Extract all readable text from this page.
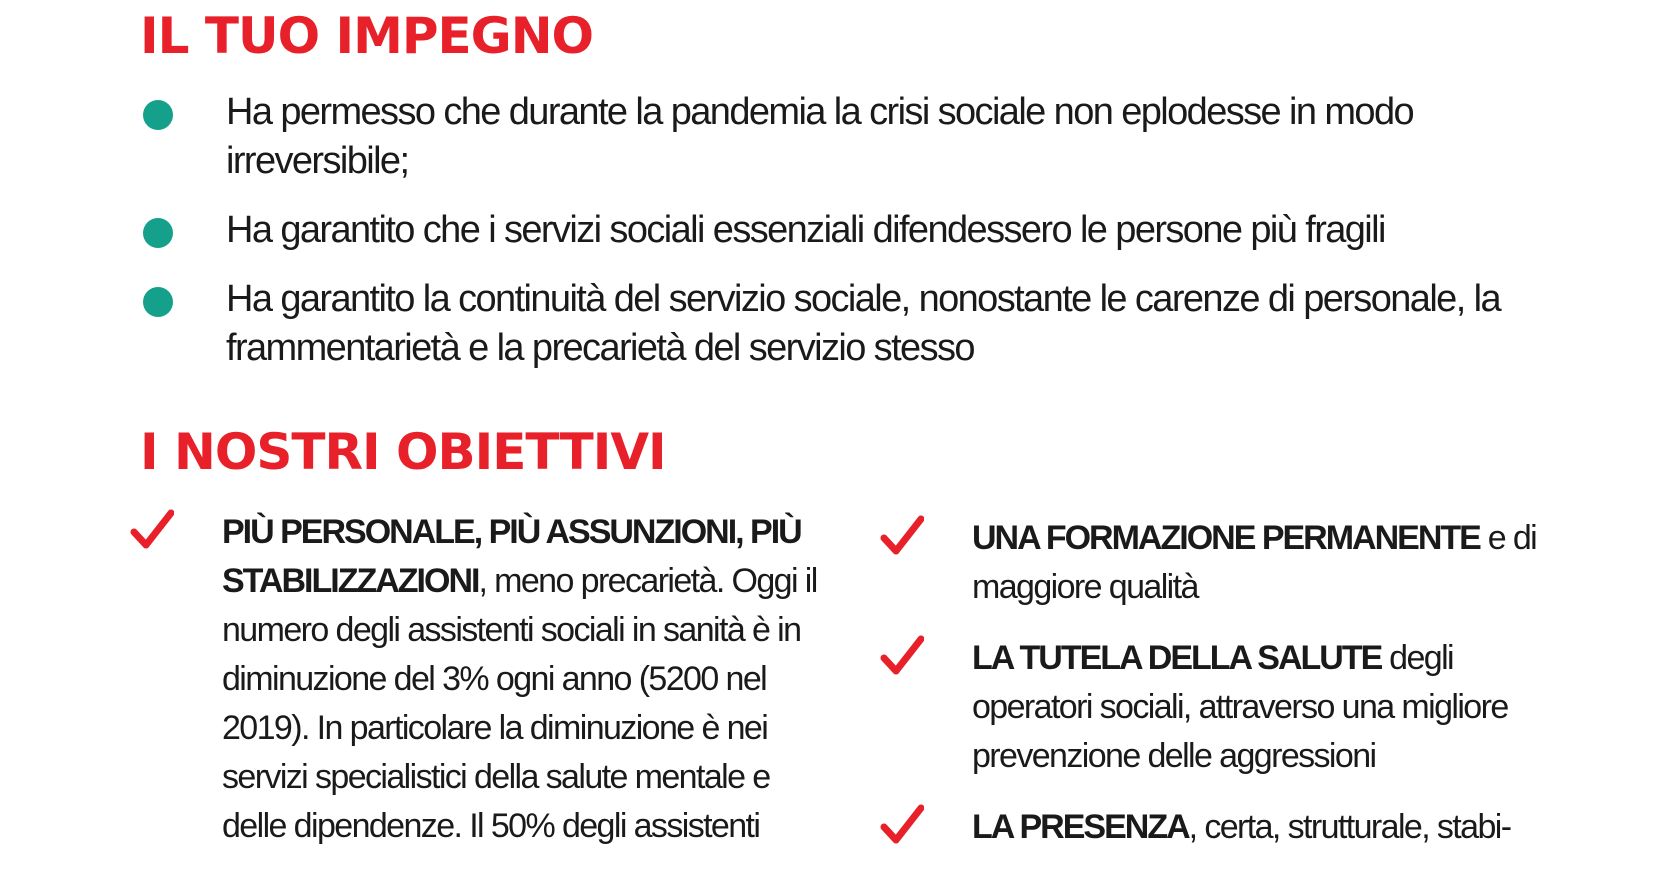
IL TUO IMPEGNO
Ha permesso che durante la pandemia la crisi sociale non eplodesse in modo irreversibile;
Ha garantito che i servizi sociali essenziali difendessero le persone più fragili
Ha garantito la continuità del servizio sociale, nonostante le carenze di personale, la frammentarietà e la precarietà del servizio stesso
I NOSTRI OBIETTIVI
PIÙ PERSONALE, PIÙ ASSUNZIONI, PIÙ STABILIZZAZIONI, meno precarietà. Oggi il numero degli assistenti sociali in sanità è in diminuzione del 3% ogni anno (5200 nel 2019). In particolare la diminuzione è nei servizi specialistici della salute mentale e delle dipendenze. Il 50% degli assistenti
UNA FORMAZIONE PERMANENTE e di maggiore qualità
LA TUTELA DELLA SALUTE degli operatori sociali, attraverso una migliore prevenzione delle aggressioni
LA PRESENZA, certa, strutturale, stabi-
